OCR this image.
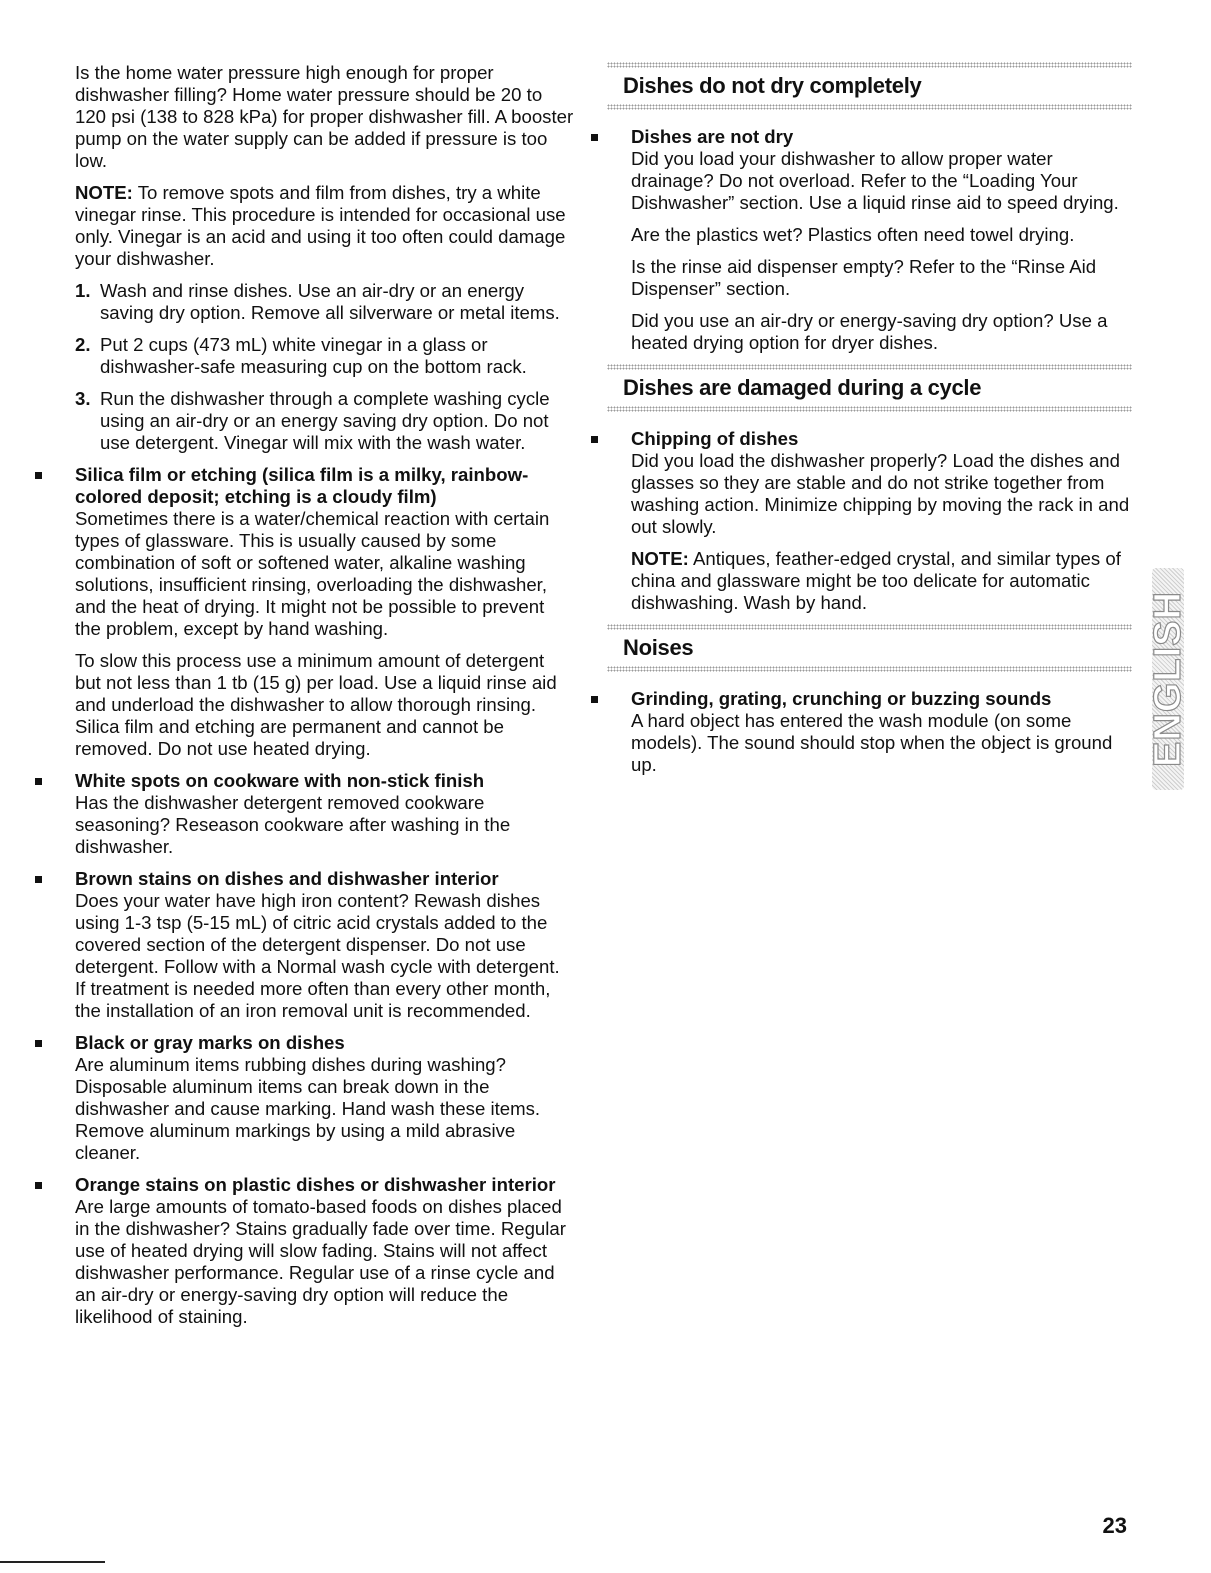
Is the home water pressure high enough for proper dishwasher filling? Home water pressure should be 20 to 120 psi (138 to 828 kPa) for proper dishwasher fill. A booster pump on the water supply can be added if pressure is too low.

NOTE: To remove spots and film from dishes, try a white vinegar rinse. This procedure is intended for occasional use only. Vinegar is an acid and using it too often could damage your dishwasher.

1. Wash and rinse dishes. Use an air-dry or an energy saving dry option. Remove all silverware or metal items.
2. Put 2 cups (473 mL) white vinegar in a glass or dishwasher-safe measuring cup on the bottom rack.
3. Run the dishwasher through a complete washing cycle using an air-dry or an energy saving dry option. Do not use detergent. Vinegar will mix with the wash water.
Silica film or etching (silica film is a milky, rainbow-colored deposit; etching is a cloudy film)

Sometimes there is a water/chemical reaction with certain types of glassware. This is usually caused by some combination of soft or softened water, alkaline washing solutions, insufficient rinsing, overloading the dishwasher, and the heat of drying. It might not be possible to prevent the problem, except by hand washing.

To slow this process use a minimum amount of detergent but not less than 1 tb (15 g) per load. Use a liquid rinse aid and underload the dishwasher to allow thorough rinsing. Silica film and etching are permanent and cannot be removed. Do not use heated drying.

White spots on cookware with non-stick finish

Has the dishwasher detergent removed cookware seasoning? Reseason cookware after washing in the dishwasher.

Brown stains on dishes and dishwasher interior

Does your water have high iron content? Rewash dishes using 1-3 tsp (5-15 mL) of citric acid crystals added to the covered section of the detergent dispenser. Do not use detergent. Follow with a Normal wash cycle with detergent. If treatment is needed more often than every other month, the installation of an iron removal unit is recommended.

Black or gray marks on dishes

Are aluminum items rubbing dishes during washing? Disposable aluminum items can break down in the dishwasher and cause marking. Hand wash these items. Remove aluminum markings by using a mild abrasive cleaner.

Orange stains on plastic dishes or dishwasher interior

Are large amounts of tomato-based foods on dishes placed in the dishwasher? Stains gradually fade over time. Regular use of heated drying will slow fading. Stains will not affect dishwasher performance. Regular use of a rinse cycle and an air-dry or energy-saving dry option will reduce the likelihood of staining.

Dishes do not dry completely
Dishes are not dry

Did you load your dishwasher to allow proper water drainage? Do not overload. Refer to the “Loading Your Dishwasher” section. Use a liquid rinse aid to speed drying.

Are the plastics wet? Plastics often need towel drying.

Is the rinse aid dispenser empty? Refer to the “Rinse Aid Dispenser” section.

Did you use an air-dry or energy-saving dry option? Use a heated drying option for dryer dishes.

Dishes are damaged during a cycle
Chipping of dishes

Did you load the dishwasher properly? Load the dishes and glasses so they are stable and do not strike together from washing action. Minimize chipping by moving the rack in and out slowly.

NOTE: Antiques, feather-edged crystal, and similar types of china and glassware might be too delicate for automatic dishwashing. Wash by hand.

Noises
Grinding, grating, crunching or buzzing sounds

A hard object has entered the wash module (on some models). The sound should stop when the object is ground up.	ENGLISH
23
